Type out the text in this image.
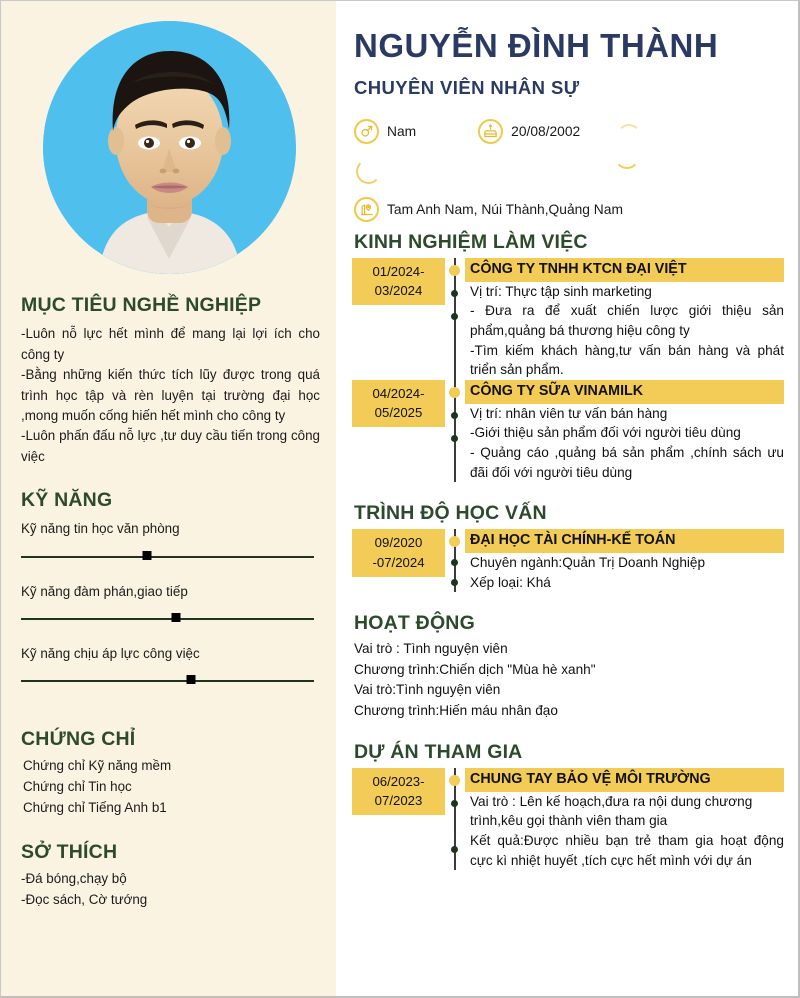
MỤC TIÊU NGHỀ NGHIỆP

-Luôn nỗ lực hết mình để mang lại lợi ích cho công ty

-Bằng những kiến thức tích lũy được trong quá trình học tập và rèn luyện tại trường đại học ,mong muốn cống hiến hết mình cho công ty

-Luôn phấn đấu nỗ lực ,tư duy cầu tiến trong công việc

KỸ NĂNG
Kỹ năng tin học văn phòng
Kỹ năng đàm phán,giao tiếp
Kỹ năng chịu áp lực công việc
CHỨNG CHỈ
Chứng chỉ Kỹ năng mềm
Chứng chỉ Tin học
Chứng chỉ Tiếng Anh b1
SỞ THÍCH
-Đá bóng,chạy bộ
-Đọc sách, Cờ tướng
NGUYỄN ĐÌNH THÀNH
CHUYÊN VIÊN NHÂN SỰ
Nam	20/08/2002
Tam Anh Nam, Núi Thành,Quảng Nam
KINH NGHIỆM LÀM VIỆC
01/2024-03/2024
CÔNG TY TNHH KTCN ĐẠI VIỆT
Vị trí: Thực tập sinh marketing
- Đưa ra để xuất chiến lược giới thiệu sản phẩm,quảng bá thương hiệu công ty
-Tìm kiếm khách hàng,tư vấn bán hàng và phát triển sản phẩm.
04/2024-05/2025
CÔNG TY SỮA VINAMILK
Vị trí: nhân viên tư vấn bán hàng
-Giới thiệu sản phẩm đối với người tiêu dùng
- Quảng cáo ,quảng bá sản phẩm ,chính sách ưu đãi đối với người tiêu dùng
TRÌNH ĐỘ HỌC VẤN
09/2020 -07/2024
ĐẠI HỌC TÀI CHÍNH-KẾ TOÁN
Chuyên ngành:Quản Trị Doanh Nghiệp
Xếp loại: Khá
HOẠT ĐỘNG
Vai trò : Tình nguyện viên
Chương trình:Chiến dịch "Mùa hè xanh"
Vai trò:Tình nguyện viên
Chương trình:Hiến máu nhân đạo
DỰ ÁN THAM GIA
06/2023-07/2023
CHUNG TAY BẢO VỆ MÔI TRƯỜNG
Vai trò : Lên kế hoạch,đưa ra nội dung chương trình,kêu gọi thành viên tham gia
Kết quả:Được nhiều bạn trẻ tham gia hoạt động cực kì nhiệt huyết ,tích cực hết mình với dự án
